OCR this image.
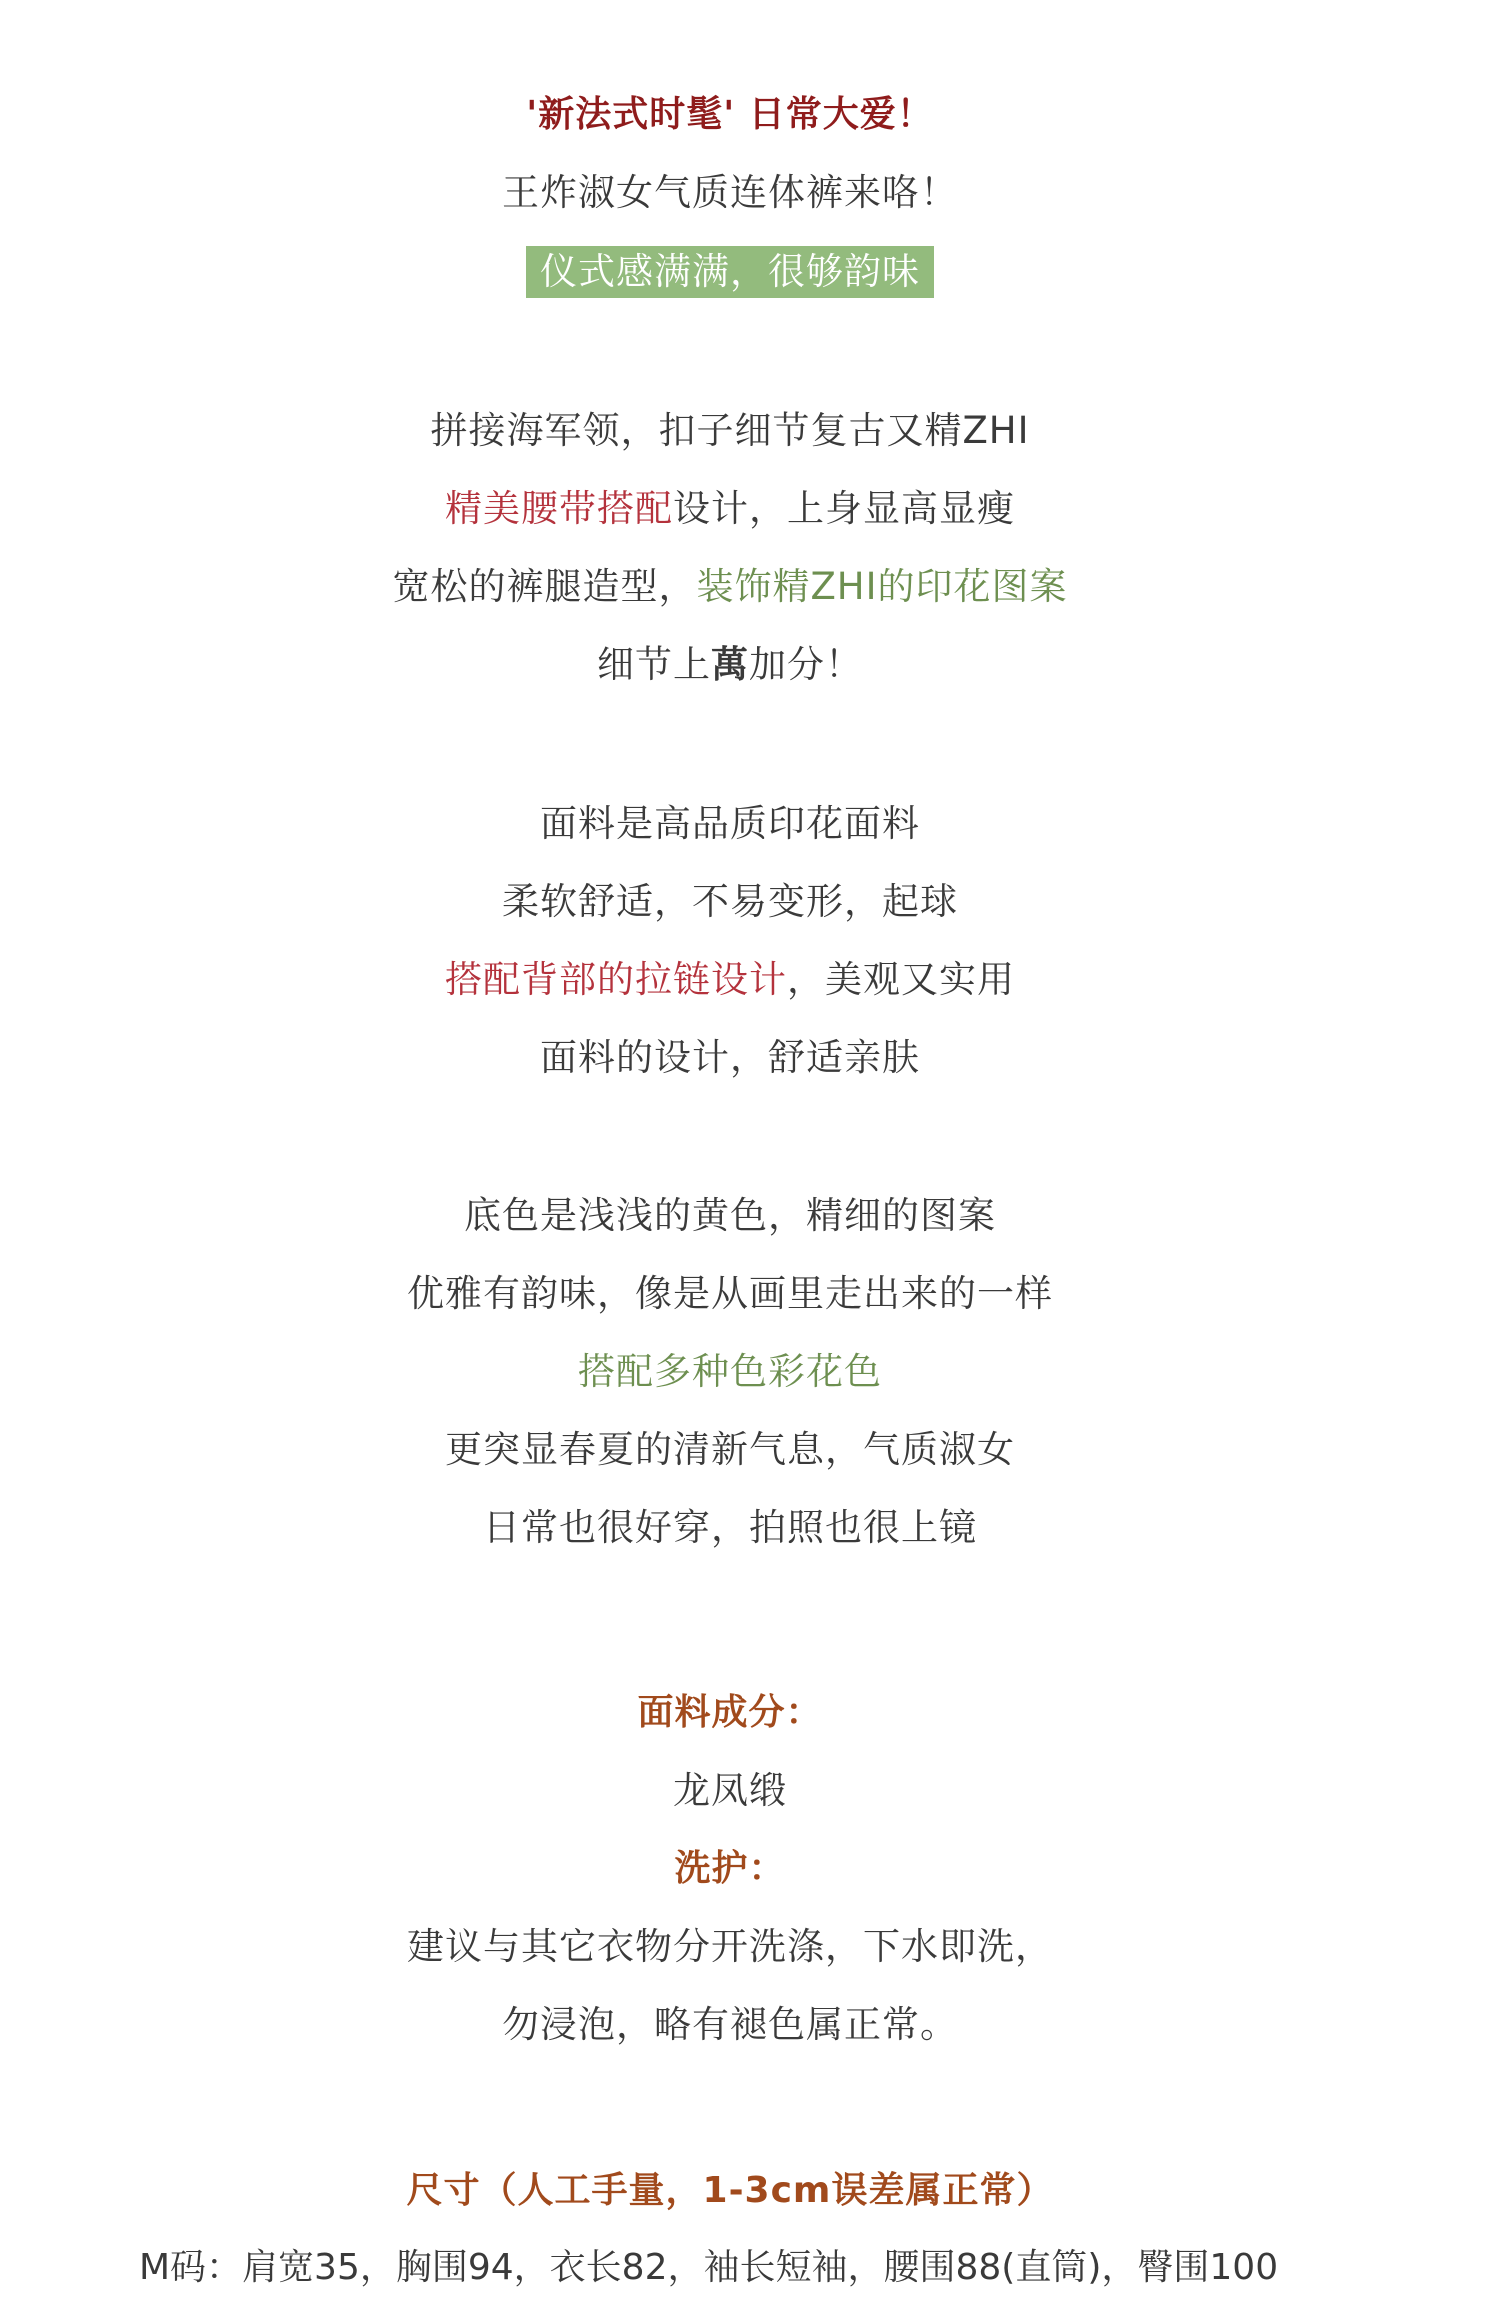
'新法式时髦' 日常大爱！
王炸淑女气质连体裤来咯！
仪式感满满，很够韵味
拼接海军领，扣子细节复古又精ZHI
精美腰带搭配设计，上身显高显瘦
宽松的裤腿造型，装饰精ZHI的印花图案
细节上萬加分！
面料是高品质印花面料
柔软舒适，不易变形，起球
搭配背部的拉链设计，美观又实用
面料的设计，舒适亲肤
底色是浅浅的黄色，精细的图案
优雅有韵味，像是从画里走出来的一样
搭配多种色彩花色
更突显春夏的清新气息，气质淑女
日常也很好穿，拍照也很上镜
面料成分：
龙凤缎
洗护：
建议与其它衣物分开洗涤，下水即洗，
勿浸泡，略有褪色属正常。
尺寸（人工手量，1-3cm误差属正常）
M码：肩宽35，胸围94，衣长82，袖长短袖，腰围88(直筒)，臀围100
